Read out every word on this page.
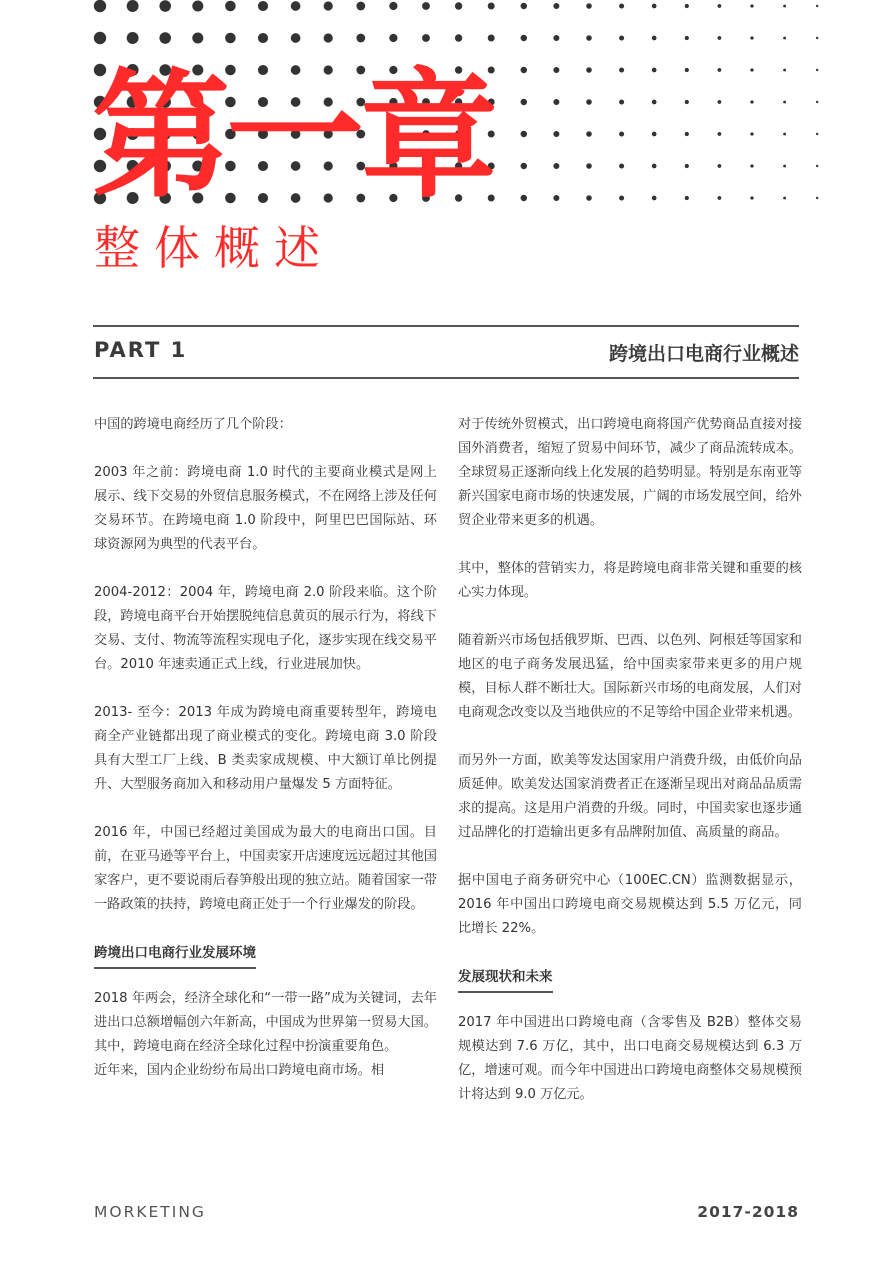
第一章
整体概述
PART 1	跨境出口电商行业概述

中国的跨境电商经历了几个阶段：

2003 年之前：跨境电商 1.0 时代的主要商业模式是网上展示、线下交易的外贸信息服务模式，不在网络上涉及任何交易环节。在跨境电商 1.0 阶段中，阿里巴巴国际站、环球资源网为典型的代表平台。

2004-2012：2004 年，跨境电商 2.0 阶段来临。这个阶段，跨境电商平台开始摆脱纯信息黄页的展示行为，将线下交易、支付、物流等流程实现电子化，逐步实现在线交易平台。2010 年速卖通正式上线，行业进展加快。

2013- 至今：2013 年成为跨境电商重要转型年，跨境电商全产业链都出现了商业模式的变化。跨境电商 3.0 阶段具有大型工厂上线、B 类卖家成规模、中大额订单比例提升、大型服务商加入和移动用户量爆发 5 方面特征。

2016 年，中国已经超过美国成为最大的电商出口国。目前，在亚马逊等平台上，中国卖家开店速度远远超过其他国家客户，更不要说雨后春笋般出现的独立站。随着国家一带一路政策的扶持，跨境电商正处于一个行业爆发的阶段。

跨境出口电商行业发展环境

2018 年两会，经济全球化和“一带一路”成为关键词，去年进出口总额增幅创六年新高，中国成为世界第一贸易大国。其中，跨境电商在经济全球化过程中扮演重要角色。

近年来，国内企业纷纷布局出口跨境电商市场。相

对于传统外贸模式，出口跨境电商将国产优势商品直接对接国外消费者，缩短了贸易中间环节，减少了商品流转成本。全球贸易正逐渐向线上化发展的趋势明显。特别是东南亚等新兴国家电商市场的快速发展，广阔的市场发展空间，给外贸企业带来更多的机遇。

其中，整体的营销实力，将是跨境电商非常关键和重要的核心实力体现。

随着新兴市场包括俄罗斯、巴西、以色列、阿根廷等国家和地区的电子商务发展迅猛，给中国卖家带来更多的用户规模，目标人群不断壮大。国际新兴市场的电商发展，人们对电商观念改变以及当地供应的不足等给中国企业带来机遇。

而另外一方面，欧美等发达国家用户消费升级，由低价向品质延伸。欧美发达国家消费者正在逐渐呈现出对商品品质需求的提高。这是用户消费的升级。同时，中国卖家也逐步通过品牌化的打造输出更多有品牌附加值、高质量的商品。

据中国电子商务研究中心（100EC.CN）监测数据显示，2016 年中国出口跨境电商交易规模达到 5.5 万亿元，同比增长 22%。

发展现状和未来

2017 年中国进出口跨境电商（含零售及 B2B）整体交易规模达到 7.6 万亿，其中，出口电商交易规模达到 6.3 万亿，增速可观。而今年中国进出口跨境电商整体交易规模预计将达到 9.0 万亿元。

MORKETING	2017-2018
